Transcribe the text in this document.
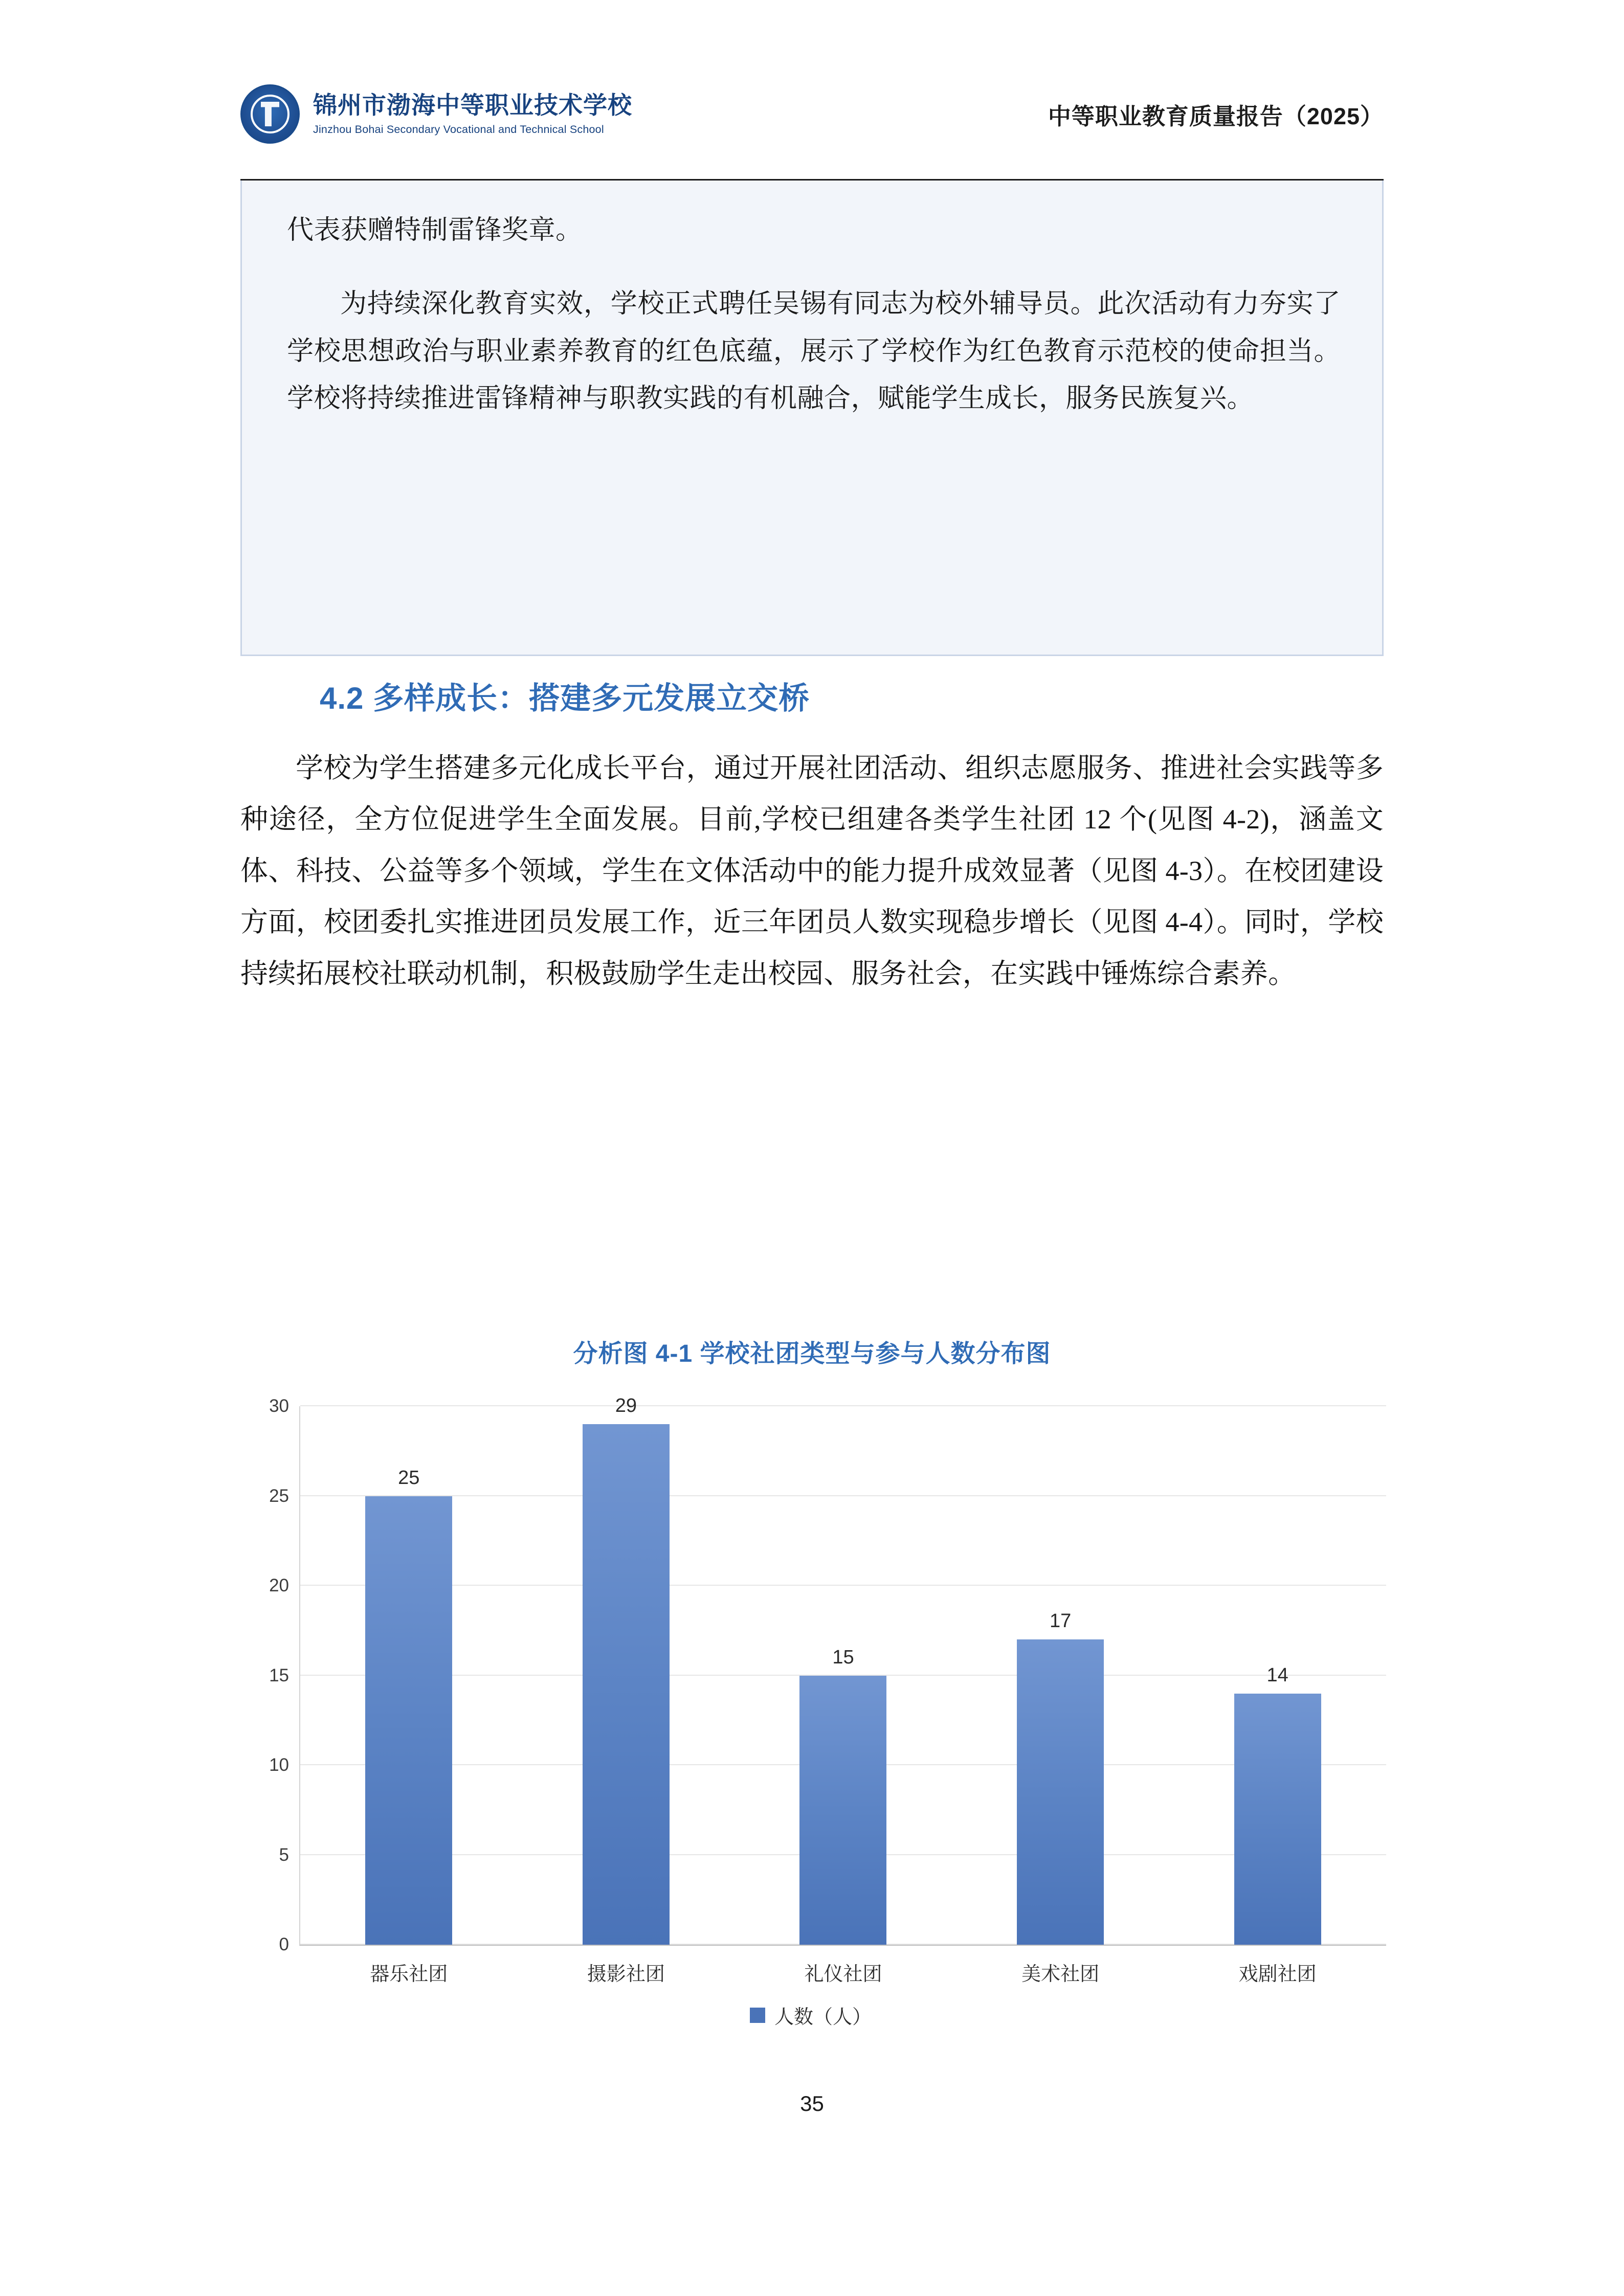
锦州市渤海中等职业技术学校
Jinzhou Bohai Secondary Vocational and Technical School
中等职业教育质量报告（2025）

代表获赠特制雷锋奖章。

为持续深化教育实效，学校正式聘任吴锡有同志为校外辅导员。此次活动有力夯实了学校思想政治与职业素养教育的红色底蕴，展示了学校作为红色教育示范校的使命担当。学校将持续推进雷锋精神与职教实践的有机融合，赋能学生成长，服务民族复兴。

4.2 多样成长：搭建多元发展立交桥

学校为学生搭建多元化成长平台，通过开展社团活动、组织志愿服务、推进社会实践等多种途径，全方位促进学生全面发展。目前,学校已组建各类学生社团 12 个(见图 4-2)，涵盖文体、科技、公益等多个领域，学生在文体活动中的能力提升成效显著（见图 4-3）。在校团建设方面，校团委扎实推进团员发展工作，近三年团员人数实现稳步增长（见图 4-4）。同时，学校持续拓展校社联动机制，积极鼓励学生走出校园、服务社会，在实践中锤炼综合素养。

分析图 4-1 学校社团类型与参与人数分布图
0
5
10
15
20
25
30
25
器乐社团
29
摄影社团
15
礼仪社团
17
美术社团
14
戏剧社团
人数（人）
35
